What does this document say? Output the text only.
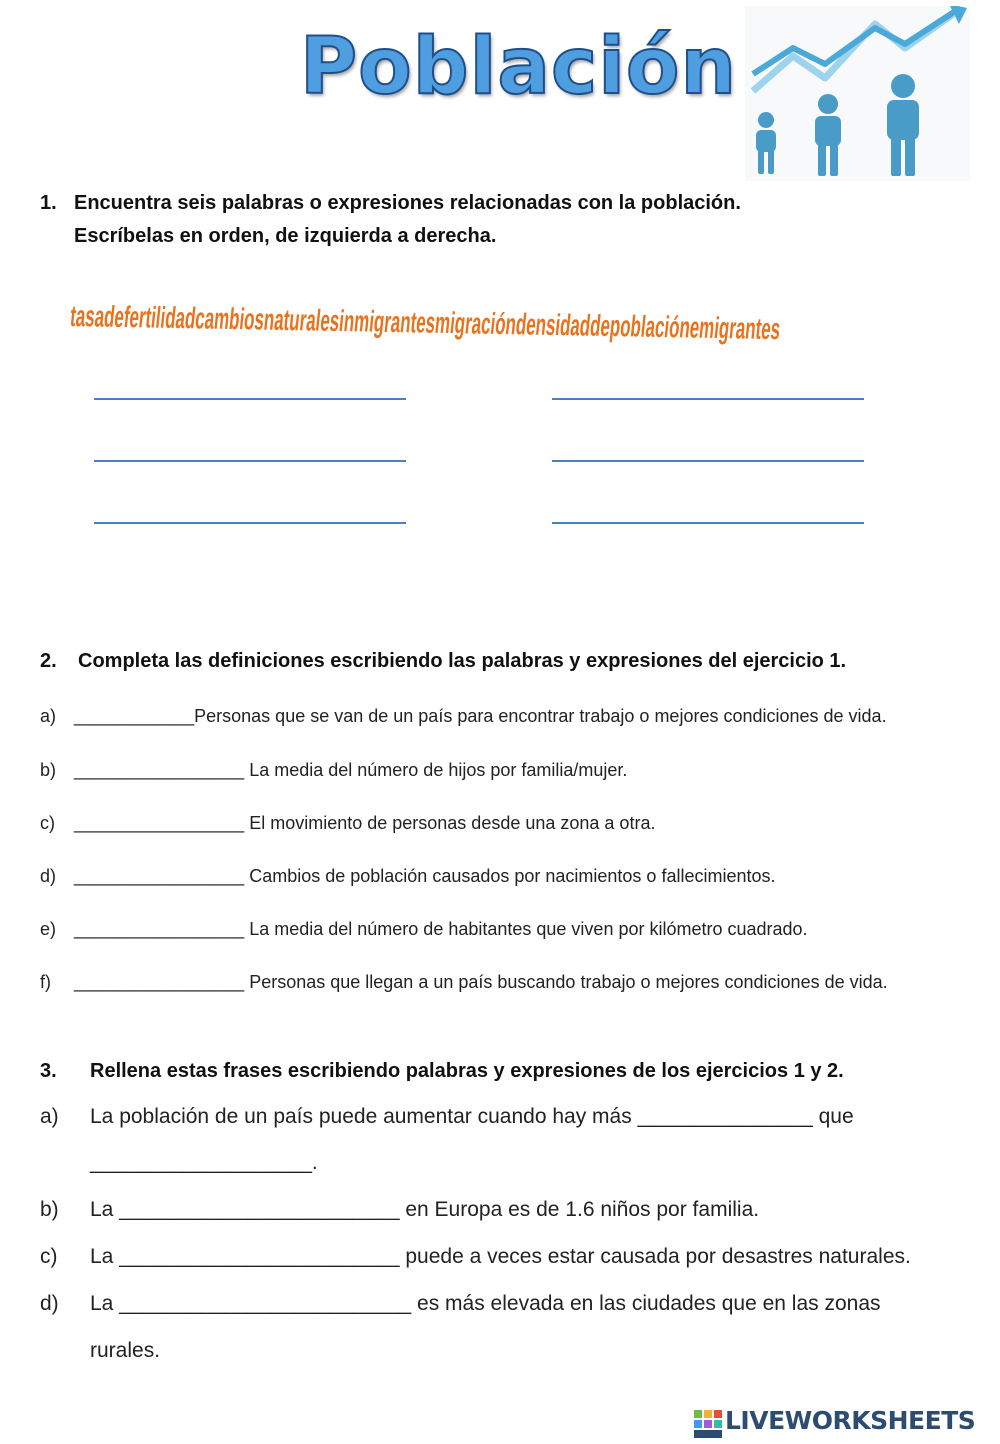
Población
1. Encuentra seis palabras o expresiones relacionadas con la población.
Escríbelas en orden, de izquierda a derecha.
tasadefertilidadcambiosnaturalesinmigrantesmigracióndensidaddepoblaciónemigrantes
2. Completa las definiciones escribiendo las palabras y expresiones del ejercicio 1.
a) ____________Personas que se van de un país para encontrar trabajo o mejores condiciones de vida.
b) _________________ La media del número de hijos por familia/mujer.
c) _________________ El movimiento de personas desde una zona a otra.
d) _________________ Cambios de población causados por nacimientos o fallecimientos.
e) _________________ La media del número de habitantes que viven por kilómetro cuadrado.
f) _________________ Personas que llegan a un país buscando trabajo o mejores condiciones de vida.
3. Rellena estas frases escribiendo palabras y expresiones de los ejercicios 1 y 2.
a) La población de un país puede aumentar cuando hay más _______________ que
___________________.
b) La ________________________ en Europa es de 1.6 niños por familia.
c) La ________________________ puede a veces estar causada por desastres naturales.
d) La _________________________ es más elevada en las ciudades que en las zonas
rurales.
LIVEWORKSHEETS
